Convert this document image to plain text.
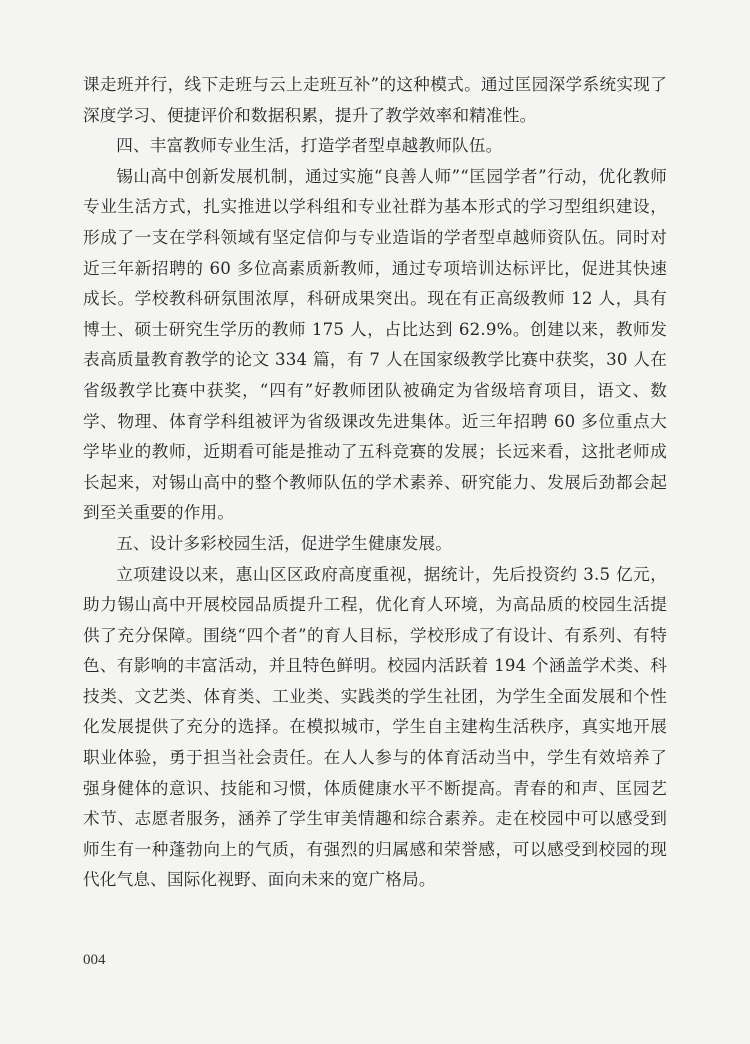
课走班并行，线下走班与云上走班互补”的这种模式。通过匡园深学系统实现了深度学习、便捷评价和数据积累，提升了教学效率和精准性。

四、丰富教师专业生活，打造学者型卓越教师队伍。

锡山高中创新发展机制，通过实施“良善人师”“匡园学者”行动，优化教师专业生活方式，扎实推进以学科组和专业社群为基本形式的学习型组织建设，形成了一支在学科领域有坚定信仰与专业造诣的学者型卓越师资队伍。同时对近三年新招聘的 60 多位高素质新教师，通过专项培训达标评比，促进其快速成长。学校教科研氛围浓厚，科研成果突出。现在有正高级教师 12 人，具有博士、硕士研究生学历的教师 175 人，占比达到 62.9%。创建以来，教师发表高质量教育教学的论文 334 篇，有 7 人在国家级教学比赛中获奖，30 人在省级教学比赛中获奖，“四有”好教师团队被确定为省级培育项目，语文、数学、物理、体育学科组被评为省级课改先进集体。近三年招聘 60 多位重点大学毕业的教师，近期看可能是推动了五科竞赛的发展；长远来看，这批老师成长起来，对锡山高中的整个教师队伍的学术素养、研究能力、发展后劲都会起到至关重要的作用。

五、设计多彩校园生活，促进学生健康发展。

立项建设以来，惠山区区政府高度重视，据统计，先后投资约 3.5 亿元，助力锡山高中开展校园品质提升工程，优化育人环境，为高品质的校园生活提供了充分保障。围绕“四个者”的育人目标，学校形成了有设计、有系列、有特色、有影响的丰富活动，并且特色鲜明。校园内活跃着 194 个涵盖学术类、科技类、文艺类、体育类、工业类、实践类的学生社团，为学生全面发展和个性化发展提供了充分的选择。在模拟城市，学生自主建构生活秩序，真实地开展职业体验，勇于担当社会责任。在人人参与的体育活动当中，学生有效培养了强身健体的意识、技能和习惯，体质健康水平不断提高。青春的和声、匡园艺术节、志愿者服务，涵养了学生审美情趣和综合素养。走在校园中可以感受到师生有一种蓬勃向上的气质，有强烈的归属感和荣誉感，可以感受到校园的现代化气息、国际化视野、面向未来的宽广格局。

004
